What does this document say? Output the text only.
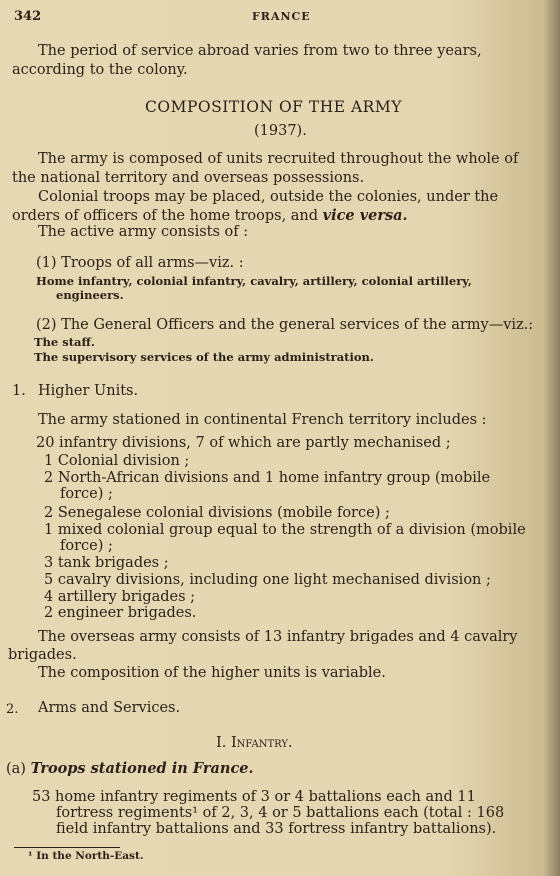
342	FRANCE
The period of service abroad varies from two to three years,
according to the colony.
COMPOSITION OF THE ARMY
(1937).
The army is composed of units recruited throughout the whole of
the national territory and overseas possessions.
Colonial troops may be placed, outside the colonies, under the
orders of officers of the home troops, and vice versa.
The active army consists of :
(1) Troops of all arms—viz. :
Home infantry, colonial infantry, cavalry, artillery, colonial artillery,
engineers.
(2) The General Officers and the general services of the army—viz.:
The staff.
The supervisory services of the army administration.
1. Higher Units.
The army stationed in continental French territory includes :
20 infantry divisions, 7 of which are partly mechanised ;
1 Colonial division ;
2 North-African divisions and 1 home infantry group (mobile
force) ;
2 Senegalese colonial divisions (mobile force) ;
1 mixed colonial group equal to the strength of a division (mobile
force) ;
3 tank brigades ;
5 cavalry divisions, including one light mechanised division ;
4 artillery brigades ;
2 engineer brigades.
The overseas army consists of 13 infantry brigades and 4 cavalry
brigades.
The composition of the higher units is variable.
2. Arms and Services.
I. Infantry.
(a) Troops stationed in France.
53 home infantry regiments of 3 or 4 battalions each and 11
fortress regiments¹ of 2, 3, 4 or 5 battalions each (total : 168
field infantry battalions and 33 fortress infantry battalions).
¹ In the North-East.
